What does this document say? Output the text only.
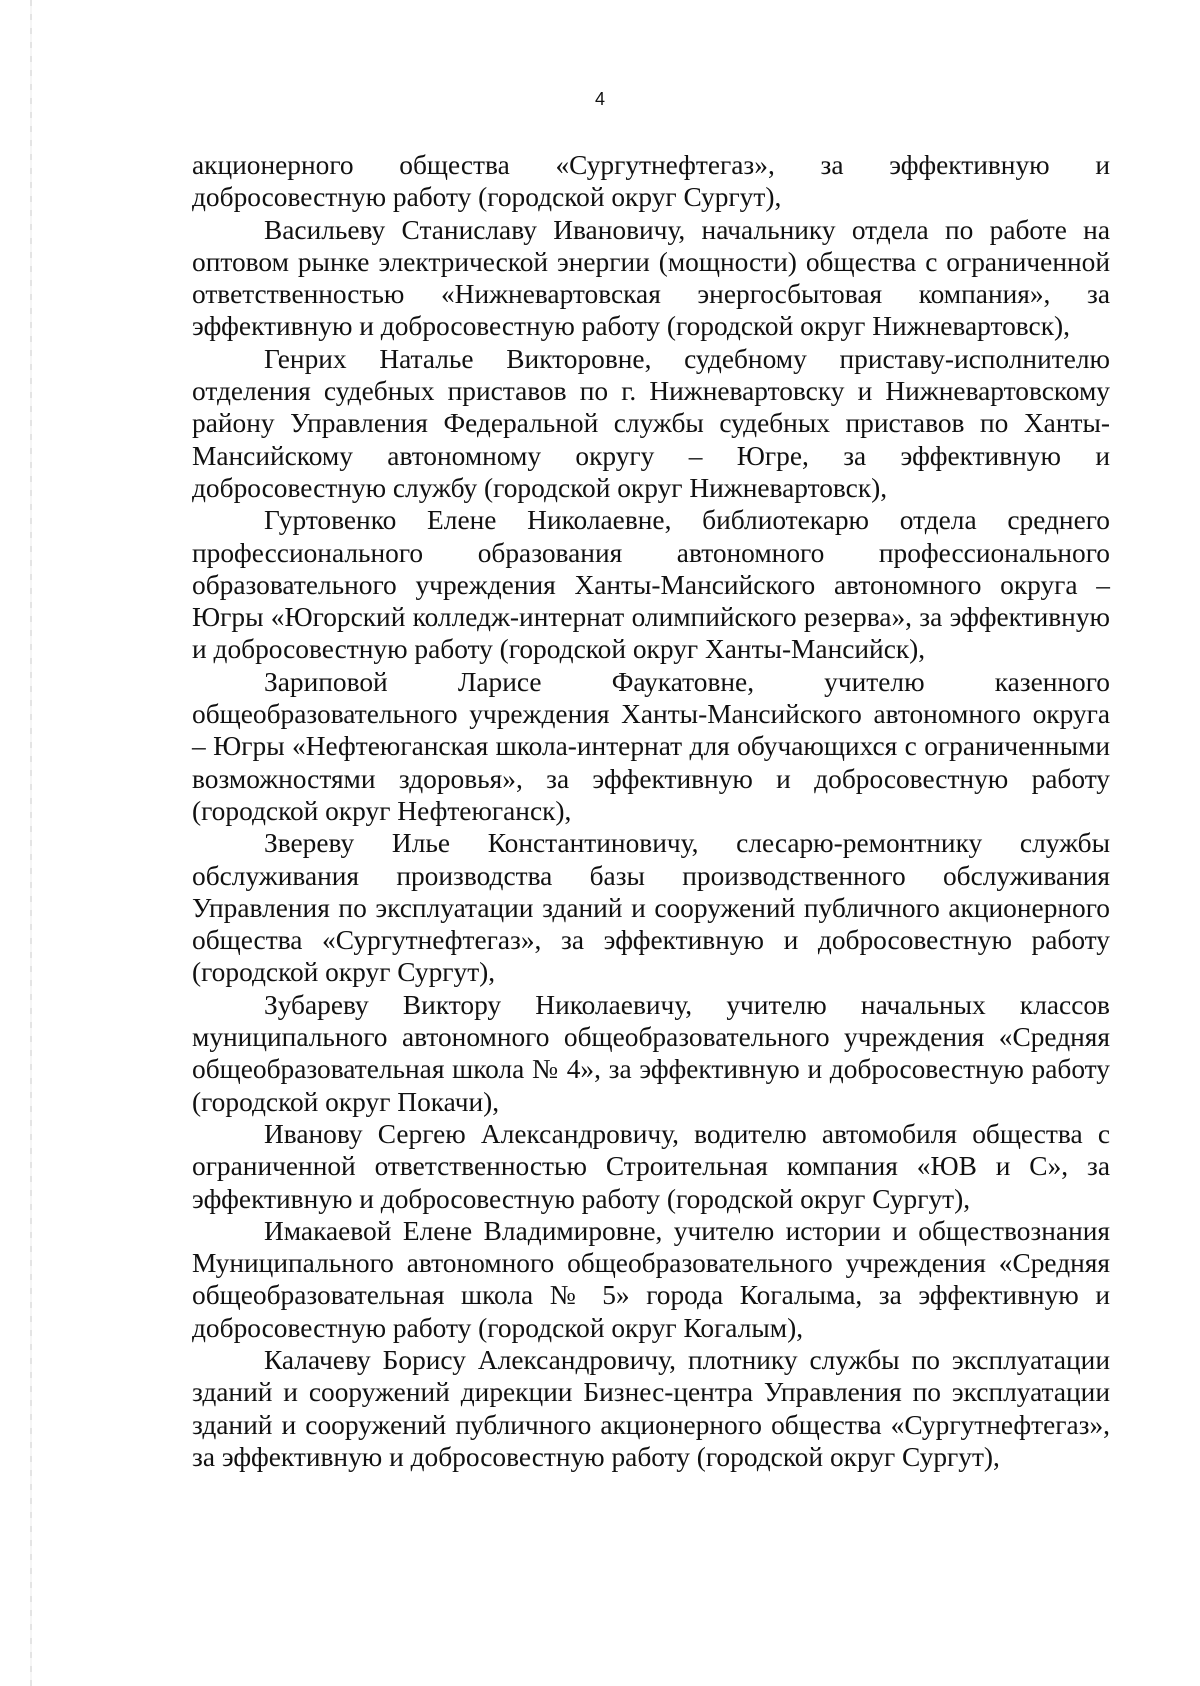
4

акционерного общества «Сургутнефтегаз», за эффективную и добросовестную работу (городской округ Сургут),

Васильеву Станиславу Ивановичу, начальнику отдела по работе на оптовом рынке электрической энергии (мощности) общества с ограниченной ответственностью «Нижневартовская энергосбытовая компания», за эффективную и добросовестную работу (городской округ Нижневартовск),

Генрих Наталье Викторовне, судебному приставу-исполнителю отделения судебных приставов по г. Нижневартовску и Нижневартовскому району Управления Федеральной службы судебных приставов по Ханты-Мансийскому автономному округу – Югре, за эффективную и добросовестную службу (городской округ Нижневартовск),

Гуртовенко Елене Николаевне, библиотекарю отдела среднего профессионального образования автономного профессионального образовательного учреждения Ханты-Мансийского автономного округа – Югры «Югорский колледж-интернат олимпийского резерва», за эффективную и добросовестную работу (городской округ Ханты-Мансийск),

Зариповой Ларисе Фаукатовне, учителю казенного общеобразовательного учреждения Ханты-Мансийского автономного округа – Югры «Нефтеюганская школа-интернат для обучающихся с ограниченными возможностями здоровья», за эффективную и добросовестную работу (городской округ Нефтеюганск),

Звереву Илье Константиновичу, слесарю-ремонтнику службы обслуживания производства базы производственного обслуживания Управления по эксплуатации зданий и сооружений публичного акционерного общества «Сургутнефтегаз», за эффективную и добросовестную работу (городской округ Сургут),

Зубареву Виктору Николаевичу, учителю начальных классов муниципального автономного общеобразовательного учреждения «Средняя общеобразовательная школа № 4», за эффективную и добросовестную работу (городской округ Покачи),

Иванову Сергею Александровичу, водителю автомобиля общества с ограниченной ответственностью Строительная компания «ЮВ и С», за эффективную и добросовестную работу (городской округ Сургут),

Имакаевой Елене Владимировне, учителю истории и обществознания Муниципального автономного общеобразовательного учреждения «Средняя общеобразовательная школа № 5» города Когалыма, за эффективную и добросовестную работу (городской округ Когалым),

Калачеву Борису Александровичу, плотнику службы по эксплуатации зданий и сооружений дирекции Бизнес-центра Управления по эксплуатации зданий и сооружений публичного акционерного общества «Сургутнефтегаз», за эффективную и добросовестную работу (городской округ Сургут),
